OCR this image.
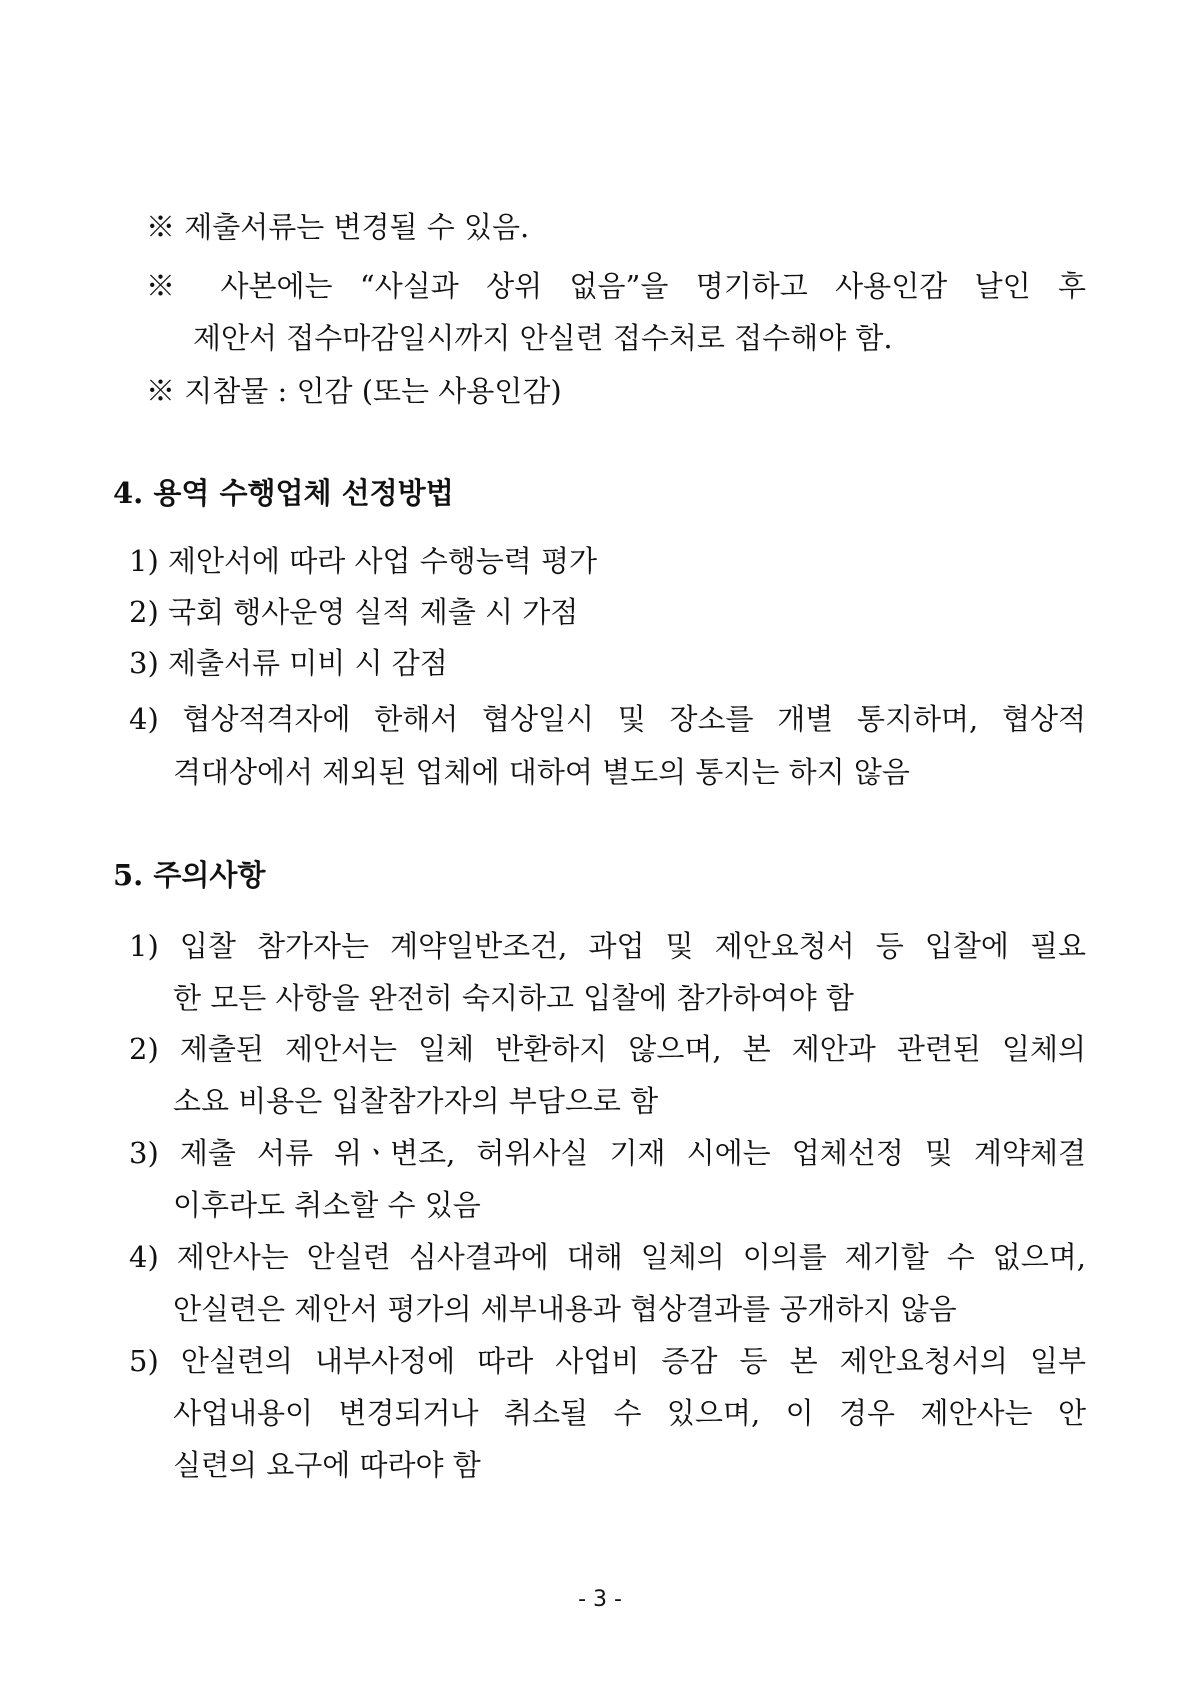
※ 제출서류는 변경될 수 있음.
※ 사본에는 “사실과 상위 없음”을 명기하고 사용인감 날인 후
제안서 접수마감일시까지 안실련 접수처로 접수해야 함.
※ 지참물 : 인감 (또는 사용인감)
4. 용역 수행업체 선정방법
1) 제안서에 따라 사업 수행능력 평가
2) 국회 행사운영 실적 제출 시 가점
3) 제출서류 미비 시 감점
4) 협상적격자에 한해서 협상일시 및 장소를 개별 통지하며, 협상적
격대상에서 제외된 업체에 대하여 별도의 통지는 하지 않음
5. 주의사항
1) 입찰 참가자는 계약일반조건, 과업 및 제안요청서 등 입찰에 필요
한 모든 사항을 완전히 숙지하고 입찰에 참가하여야 함
2) 제출된 제안서는 일체 반환하지 않으며, 본 제안과 관련된 일체의
소요 비용은 입찰참가자의 부담으로 함
3) 제출 서류 위ㆍ변조, 허위사실 기재 시에는 업체선정 및 계약체결
이후라도 취소할 수 있음
4) 제안사는 안실련 심사결과에 대해 일체의 이의를 제기할 수 없으며,
안실련은 제안서 평가의 세부내용과 협상결과를 공개하지 않음
5) 안실련의 내부사정에 따라 사업비 증감 등 본 제안요청서의 일부
사업내용이 변경되거나 취소될 수 있으며, 이 경우 제안사는 안
실련의 요구에 따라야 함
- 3 -
